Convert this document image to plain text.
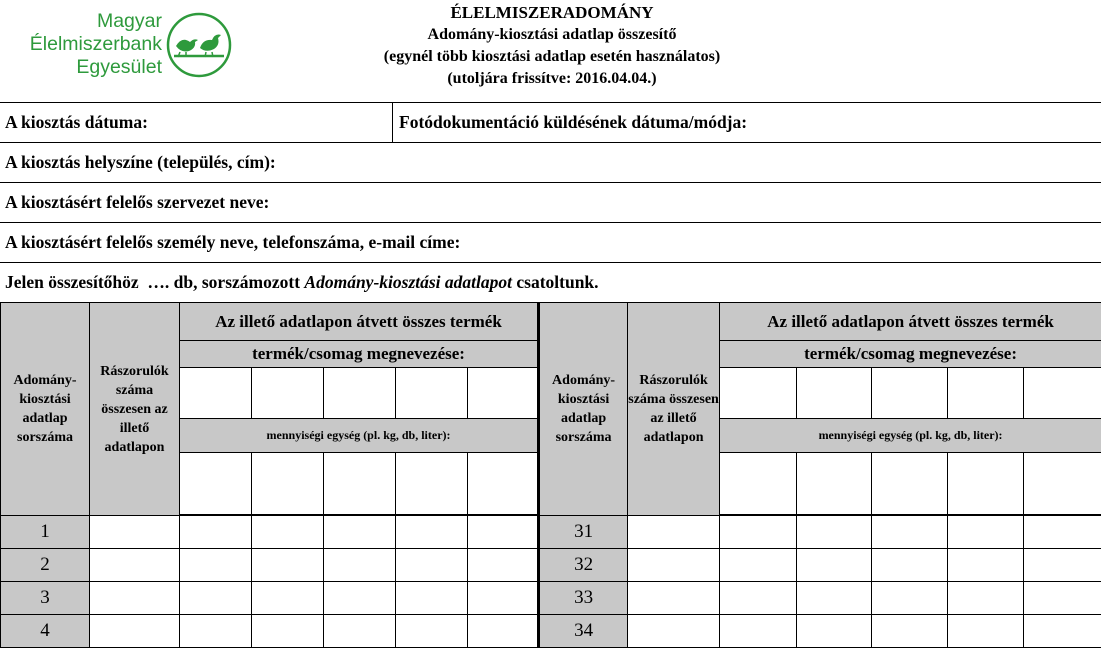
Magyar
Élelmiszerbank
Egyesület
ÉLELMISZERADOMÁNY
Adomány-kiosztási adatlap összesítő
(egynél több kiosztási adatlap esetén használatos)
(utoljára frissítve: 2016.04.04.)
A kiosztás dátuma:	Fotódokumentáció küldésének dátuma/módja:
A kiosztás helyszíne (település, cím):
A kiosztásért felelős szervezet neve:
A kiosztásért felelős személy neve, telefonszáma, e-mail címe:
Jelen összesítőhöz  …. db, sorszámozott Adomány-kiosztási adatlapot csatoltunk.
Adomány-kiosztási adatlap sorszáma	Rászorulók száma összesen az illető adatlapon	Az illető adatlapon átvett összes termék					Adomány-kiosztási adatlap sorszáma	Rászorulók száma összesen az illető adatlapon	Az illető adatlapon átvett összes termék				
		termék/csomag megnevezése:							termék/csomag megnevezése:				

		mennyiségi egység (pl. kg, db, liter):							mennyiségi egység (pl. kg, db, liter):				

1							31						
2							32						
3							33						
4							34						
